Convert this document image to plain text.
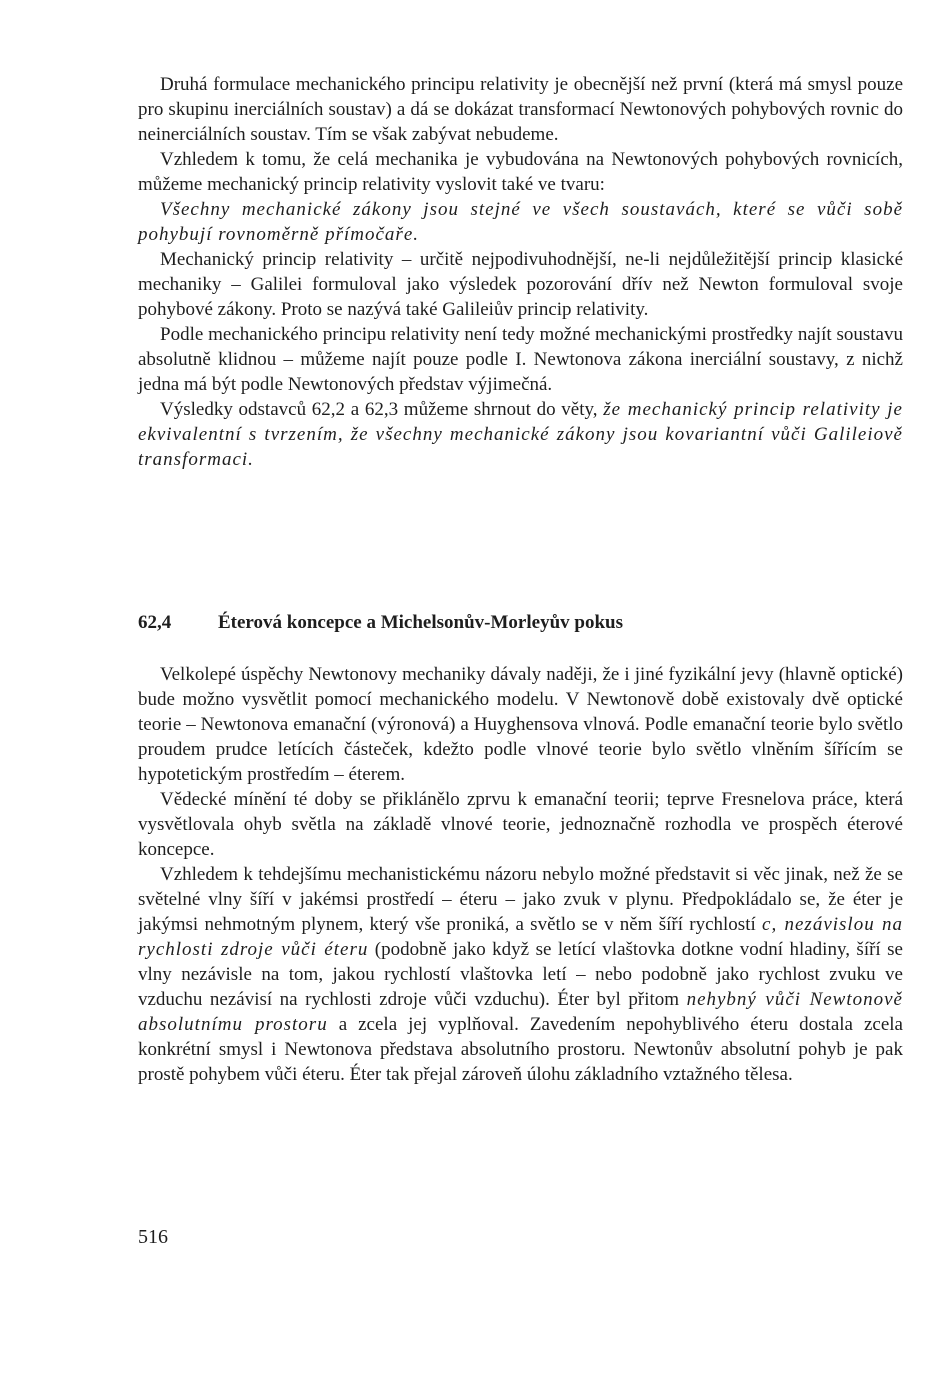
Druhá formulace mechanického principu relativity je obecnější než první (která má smysl pouze pro skupinu inerciálních soustav) a dá se dokázat transformací Newtonových pohybových rovnic do neinerciálních soustav. Tím se však zabývat nebudeme.
Vzhledem k tomu, že celá mechanika je vybudována na Newtonových pohybových rovnicích, můžeme mechanický princip relativity vyslovit také ve tvaru:
Všechny mechanické zákony jsou stejné ve všech soustavách, které se vůči sobě pohybují rovnoměrně přímočaře.
Mechanický princip relativity – určitě nejpodivuhodnější, ne-li nejdůležitější princip klasické mechaniky – Galilei formuloval jako výsledek pozorování dřív než Newton formuloval svoje pohybové zákony. Proto se nazývá také Galileiův princip relativity.
Podle mechanického principu relativity není tedy možné mechanickými prostředky najít soustavu absolutně klidnou – můžeme najít pouze podle I. Newtonova zákona inerciální soustavy, z nichž jedna má být podle Newtonových představ výjimečná.
Výsledky odstavců 62,2 a 62,3 můžeme shrnout do věty, že mechanický princip relativity je ekvivalentní s tvrzením, že všechny mechanické zákony jsou kovariantní vůči Galileiově transformaci.
62,4 Éterová koncepce a Michelsonův-Morleyův pokus
Velkolepé úspěchy Newtonovy mechaniky dávaly naději, že i jiné fyzikální jevy (hlavně optické) bude možno vysvětlit pomocí mechanického modelu. V Newtonově době existovaly dvě optické teorie – Newtonova emanační (výronová) a Huyghensova vlnová. Podle emanační teorie bylo světlo proudem prudce letících částeček, kdežto podle vlnové teorie bylo světlo vlněním šířícím se hypotetickým prostředím – éterem.
Vědecké mínění té doby se přiklánělo zprvu k emanační teorii; teprve Fresnelova práce, která vysvětlovala ohyb světla na základě vlnové teorie, jednoznačně rozhodla ve prospěch éterové koncepce.
Vzhledem k tehdejšímu mechanistickému názoru nebylo možné představit si věc jinak, než že se světelné vlny šíří v jakémsi prostředí – éteru – jako zvuk v plynu. Předpokládalo se, že éter je jakýmsi nehmotným plynem, který vše proniká, a světlo se v něm šíří rychlostí c, nezávislou na rychlosti zdroje vůči éteru (podobně jako když se letící vlaštovka dotkne vodní hladiny, šíří se vlny nezávisle na tom, jakou rychlostí vlaštovka letí – nebo podobně jako rychlost zvuku ve vzduchu nezávisí na rychlosti zdroje vůči vzduchu). Éter byl přitom nehybný vůči Newtonově absolutnímu prostoru a zcela jej vyplňoval. Zavedením nepohyblivého éteru dostala zcela konkrétní smysl i Newtonova představa absolutního prostoru. Newtonův absolutní pohyb je pak prostě pohybem vůči éteru. Éter tak přejal zároveň úlohu základního vztažného tělesa.
516
